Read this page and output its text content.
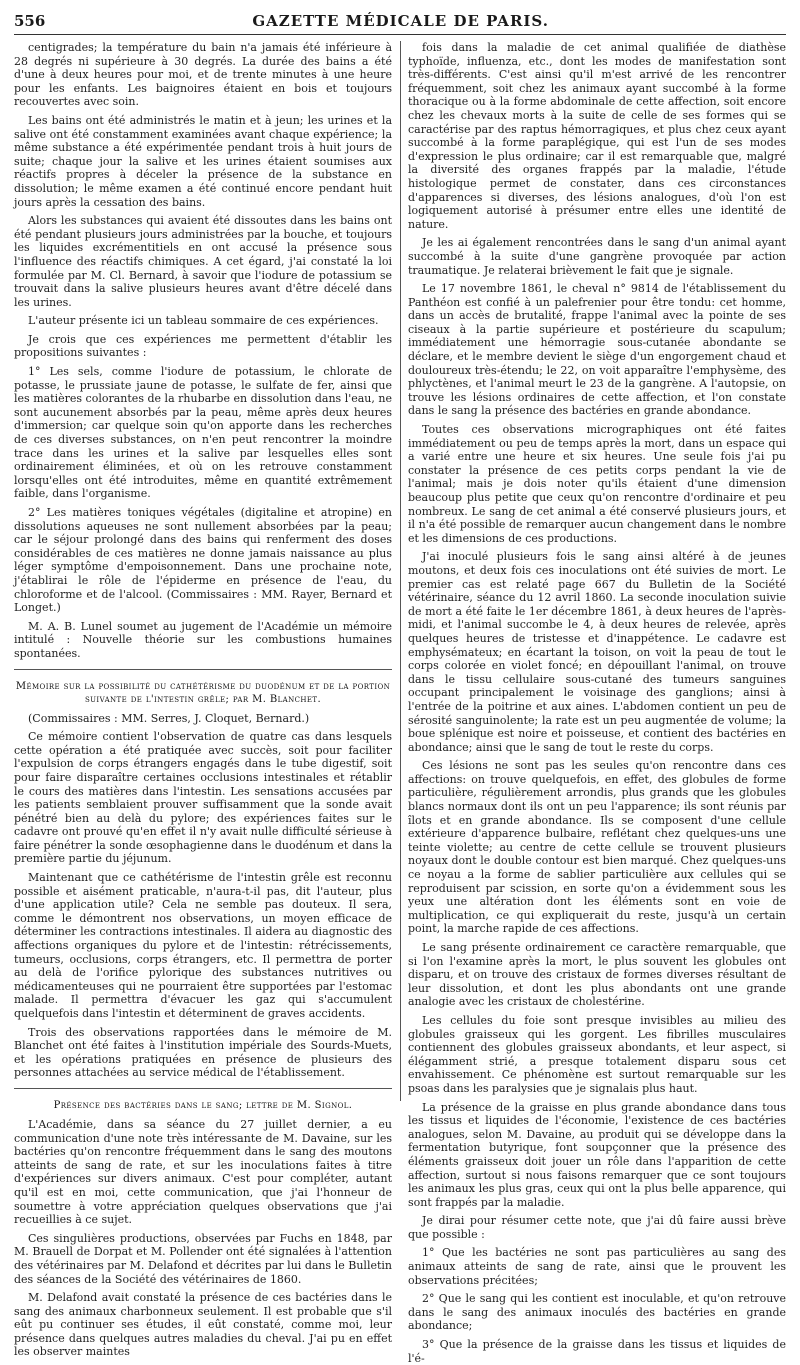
556	GAZETTE MÉDICALE DE PARIS.

centigrades; la température du bain n'a jamais été inférieure à 28 degrés ni supérieure à 30 degrés. La durée des bains a été d'une à deux heures pour moi, et de trente minutes à une heure pour les enfants. Les baignoires étaient en bois et toujours recouvertes avec soin.

Les bains ont été administrés le matin et à jeun; les urines et la salive ont été constamment examinées avant chaque expérience; la même substance a été expérimentée pendant trois à huit jours de suite; chaque jour la salive et les urines étaient soumises aux réactifs propres à déceler la présence de la substance en dissolution; le même examen a été continué encore pendant huit jours après la cessation des bains.

Alors les substances qui avaient été dissoutes dans les bains ont été pendant plusieurs jours administrées par la bouche, et toujours les liquides excrémentitiels en ont accusé la présence sous l'influence des réactifs chimiques. A cet égard, j'ai constaté la loi formulée par M. Cl. Bernard, à savoir que l'iodure de potassium se trouvait dans la salive plusieurs heures avant d'être décelé dans les urines.

L'auteur présente ici un tableau sommaire de ces expériences.

Je crois que ces expériences me permettent d'établir les propositions suivantes :

1° Les sels, comme l'iodure de potassium, le chlorate de potasse, le prussiate jaune de potasse, le sulfate de fer, ainsi que les matières colorantes de la rhubarbe en dissolution dans l'eau, ne sont aucunement absorbés par la peau, même après deux heures d'immersion; car quelque soin qu'on apporte dans les recherches de ces diverses substances, on n'en peut rencontrer la moindre trace dans les urines et la salive par lesquelles elles sont ordinairement éliminées, et où on les retrouve constamment lorsqu'elles ont été introduites, même en quantité extrêmement faible, dans l'organisme.

2° Les matières toniques végétales (digitaline et atropine) en dissolutions aqueuses ne sont nullement absorbées par la peau; car le séjour prolongé dans des bains qui renferment des doses considérables de ces matières ne donne jamais naissance au plus léger symptôme d'empoisonnement. Dans une prochaine note, j'établirai le rôle de l'épiderme en présence de l'eau, du chloroforme et de l'alcool. (Commissaires : MM. Rayer, Bernard et Longet.)

M. A. B. Lunel soumet au jugement de l'Académie un mémoire intitulé : Nouvelle théorie sur les combustions humaines spontanées.

Mémoire sur la possibilité du cathétérisme du duodénum et de la portion suivante de l'intestin grêle; par M. Blanchet.

(Commissaires : MM. Serres, J. Cloquet, Bernard.)

Ce mémoire contient l'observation de quatre cas dans lesquels cette opération a été pratiquée avec succès, soit pour faciliter l'expulsion de corps étrangers engagés dans le tube digestif, soit pour faire disparaître certaines occlusions intestinales et rétablir le cours des matières dans l'intestin. Les sensations accusées par les patients semblaient prouver suffisamment que la sonde avait pénétré bien au delà du pylore; des expériences faites sur le cadavre ont prouvé qu'en effet il n'y avait nulle difficulté sérieuse à faire pénétrer la sonde œsophagienne dans le duodénum et dans la première partie du jéjunum.

Maintenant que ce cathétérisme de l'intestin grêle est reconnu possible et aisément praticable, n'aura-t-il pas, dit l'auteur, plus d'une application utile? Cela ne semble pas douteux. Il sera, comme le démontrent nos observations, un moyen efficace de déterminer les contractions intestinales. Il aidera au diagnostic des affections organiques du pylore et de l'intestin: rétrécissements, tumeurs, occlusions, corps étrangers, etc. Il permettra de porter au delà de l'orifice pylorique des substances nutritives ou médicamenteuses qui ne pourraient être supportées par l'estomac malade. Il permettra d'évacuer les gaz qui s'accumulent quelquefois dans l'intestin et déterminent de graves accidents.

Trois des observations rapportées dans le mémoire de M. Blanchet ont été faites à l'institution impériale des Sourds-Muets, et les opérations pratiquées en présence de plusieurs des personnes attachées au service médical de l'établissement.

Présence des bactéries dans le sang; lettre de M. Signol.

L'Académie, dans sa séance du 27 juillet dernier, a eu communication d'une note très intéressante de M. Davaine, sur les bactéries qu'on rencontre fréquemment dans le sang des moutons atteints de sang de rate, et sur les inoculations faites à titre d'expériences sur divers animaux. C'est pour compléter, autant qu'il est en moi, cette communication, que j'ai l'honneur de soumettre à votre appréciation quelques observations que j'ai recueillies à ce sujet.

Ces singulières productions, observées par Fuchs en 1848, par M. Brauell de Dorpat et M. Pollender ont été signalées à l'attention des vétérinaires par M. Delafond et décrites par lui dans le Bulletin des séances de la Société des vétérinaires de 1860.

M. Delafond avait constaté la présence de ces bactéries dans le sang des animaux charbonneux seulement. Il est probable que s'il eût pu continuer ses études, il eût constaté, comme moi, leur présence dans quelques autres maladies du cheval. J'ai pu en effet les observer maintes

fois dans la maladie de cet animal qualifiée de diathèse typhoïde, influenza, etc., dont les modes de manifestation sont très-différents. C'est ainsi qu'il m'est arrivé de les rencontrer fréquemment, soit chez les animaux ayant succombé à la forme thoracique ou à la forme abdominale de cette affection, soit encore chez les chevaux morts à la suite de celle de ses formes qui se caractérise par des raptus hémorragiques, et plus chez ceux ayant succombé à la forme paraplégique, qui est l'un de ses modes d'expression le plus ordinaire; car il est remarquable que, malgré la diversité des organes frappés par la maladie, l'étude histologique permet de constater, dans ces circonstances d'apparences si diverses, des lésions analogues, d'où l'on est logiquement autorisé à présumer entre elles une identité de nature.

Je les ai également rencontrées dans le sang d'un animal ayant succombé à la suite d'une gangrène provoquée par action traumatique. Je relaterai brièvement le fait que je signale.

Le 17 novembre 1861, le cheval n° 9814 de l'établissement du Panthéon est confié à un palefrenier pour être tondu: cet homme, dans un accès de brutalité, frappe l'animal avec la pointe de ses ciseaux à la partie supérieure et postérieure du scapulum; immédiatement une hémorragie sous-cutanée abondante se déclare, et le membre devient le siège d'un engorgement chaud et douloureux très-étendu; le 22, on voit apparaître l'emphysème, des phlyctènes, et l'animal meurt le 23 de la gangrène. A l'autopsie, on trouve les lésions ordinaires de cette affection, et l'on constate dans le sang la présence des bactéries en grande abondance.

Toutes ces observations micrographiques ont été faites immédiatement ou peu de temps après la mort, dans un espace qui a varié entre une heure et six heures. Une seule fois j'ai pu constater la présence de ces petits corps pendant la vie de l'animal; mais je dois noter qu'ils étaient d'une dimension beaucoup plus petite que ceux qu'on rencontre d'ordinaire et peu nombreux. Le sang de cet animal a été conservé plusieurs jours, et il n'a été possible de remarquer aucun changement dans le nombre et les dimensions de ces productions.

J'ai inoculé plusieurs fois le sang ainsi altéré à de jeunes moutons, et deux fois ces inoculations ont été suivies de mort. Le premier cas est relaté page 667 du Bulletin de la Société vétérinaire, séance du 12 avril 1860. La seconde inoculation suivie de mort a été faite le 1er décembre 1861, à deux heures de l'après-midi, et l'animal succombe le 4, à deux heures de relevée, après quelques heures de tristesse et d'inappétence. Le cadavre est emphysémateux; en écartant la toison, on voit la peau de tout le corps colorée en violet foncé; en dépouillant l'animal, on trouve dans le tissu cellulaire sous-cutané des tumeurs sanguines occupant principalement le voisinage des ganglions; ainsi à l'entrée de la poitrine et aux aines. L'abdomen contient un peu de sérosité sanguinolente; la rate est un peu augmentée de volume; la boue splénique est noire et poisseuse, et contient des bactéries en abondance; ainsi que le sang de tout le reste du corps.

Ces lésions ne sont pas les seules qu'on rencontre dans ces affections: on trouve quelquefois, en effet, des globules de forme particulière, régulièrement arrondis, plus grands que les globules blancs normaux dont ils ont un peu l'apparence; ils sont réunis par îlots et en grande abondance. Ils se composent d'une cellule extérieure d'apparence bulbaire, reflétant chez quelques-uns une teinte violette; au centre de cette cellule se trouvent plusieurs noyaux dont le double contour est bien marqué. Chez quelques-uns ce noyau a la forme de sablier particulière aux cellules qui se reproduisent par scission, en sorte qu'on a évidemment sous les yeux une altération dont les éléments sont en voie de multiplication, ce qui expliquerait du reste, jusqu'à un certain point, la marche rapide de ces affections.

Le sang présente ordinairement ce caractère remarquable, que si l'on l'examine après la mort, le plus souvent les globules ont disparu, et on trouve des cristaux de formes diverses résultant de leur dissolution, et dont les plus abondants ont une grande analogie avec les cristaux de cholestérine.

Les cellules du foie sont presque invisibles au milieu des globules graisseux qui les gorgent. Les fibrilles musculaires contiennent des globules graisseux abondants, et leur aspect, si élégamment strié, a presque totalement disparu sous cet envahissement. Ce phénomène est surtout remarquable sur les psoas dans les paralysies que je signalais plus haut.

La présence de la graisse en plus grande abondance dans tous les tissus et liquides de l'économie, l'existence de ces bactéries analogues, selon M. Davaine, au produit qui se développe dans la fermentation butyrique, font soupçonner que la présence des éléments graisseux doit jouer un rôle dans l'apparition de cette affection, surtout si nous faisons remarquer que ce sont toujours les animaux les plus gras, ceux qui ont la plus belle apparence, qui sont frappés par la maladie.

Je dirai pour résumer cette note, que j'ai dû faire aussi brève que possible :

1° Que les bactéries ne sont pas particulières au sang des animaux atteints de sang de rate, ainsi que le prouvent les observations précitées;

2° Que le sang qui les contient est inoculable, et qu'on retrouve dans le sang des animaux inoculés des bactéries en grande abondance;

3° Que la présence de la graisse dans les tissus et liquides de l'é-
